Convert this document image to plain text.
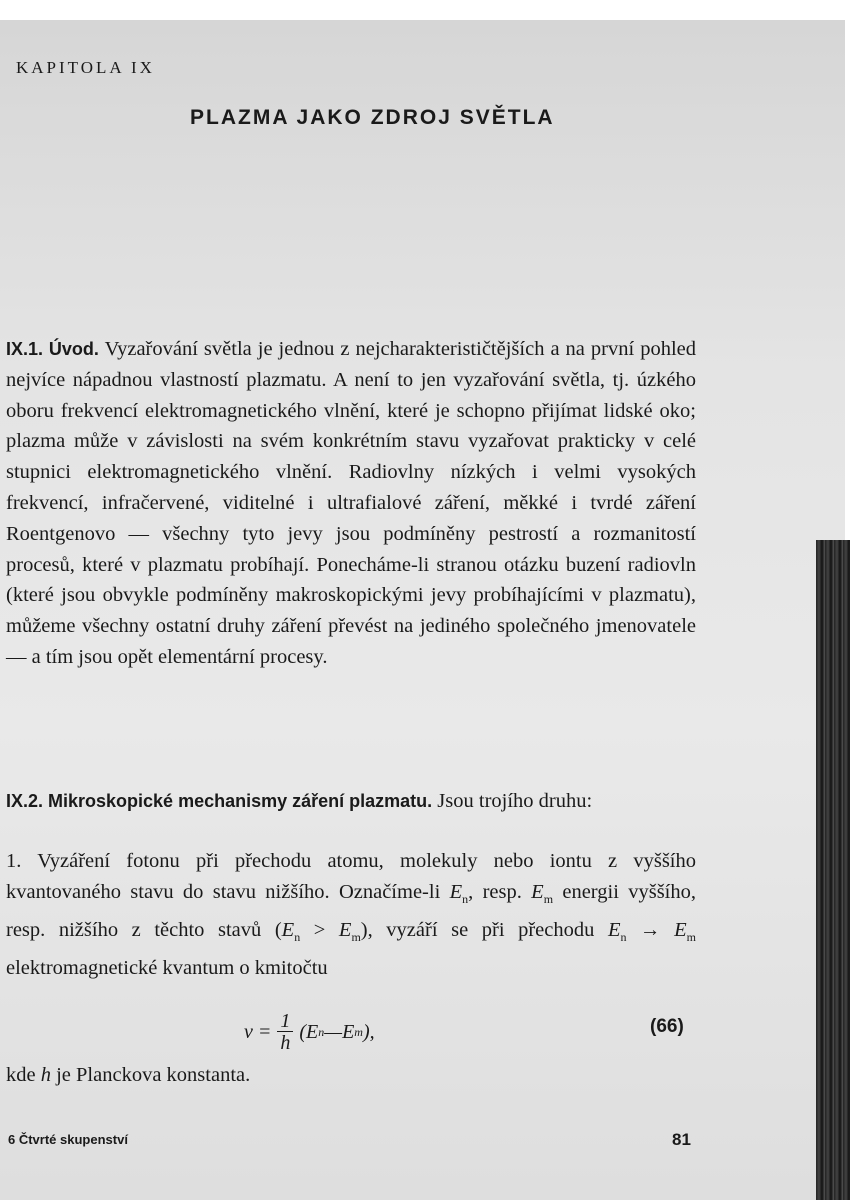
KAPITOLA IX
PLAZMA JAKO ZDROJ SVĚTLA
IX.1. Úvod. Vyzařování světla je jednou z nejcharakterističtějších a na první pohled nejvíce nápadnou vlastností plazmatu. A není to jen vyzařování světla, tj. úzkého oboru frekvencí elektromagnetického vlnění, které je schopno přijímat lidské oko; plazma může v závislosti na svém konkrétním stavu vyzařovat prakticky v celé stupnici elektromagnetického vlnění. Radiovlny nízkých i velmi vysokých frekvencí, infračervené, viditelné i ultrafialové záření, měkké i tvrdé záření Roentgenovo — všechny tyto jevy jsou podmíněny pestrostí a rozmanitostí procesů, které v plazmatu probíhají. Ponecháme-li stranou otázku buzení radiovln (které jsou obvykle podmíněny makroskopickými jevy probíhajícími v plazmatu), můžeme všechny ostatní druhy záření převést na jediného společného jmenovatele — a tím jsou opět elementární procesy.
IX.2. Mikroskopické mechanismy záření plazmatu. Jsou trojího druhu:
1. Vyzáření fotonu při přechodu atomu, molekuly nebo iontu z vyššího kvantovaného stavu do stavu nižšího. Označíme-li $E_n$, resp. $E_m$ energii vyššího, resp. nižšího z těchto stavů $(E_n > E_m)$, vyzáří se při přechodu $E_n \to E_m$ elektromagnetické kvantum o kmitočtu
$\nu = \frac{1}{h}$ ( E n — E m ),	(66)
kde h je Planckova konstanta.
6 Čtvrté skupenství	81
